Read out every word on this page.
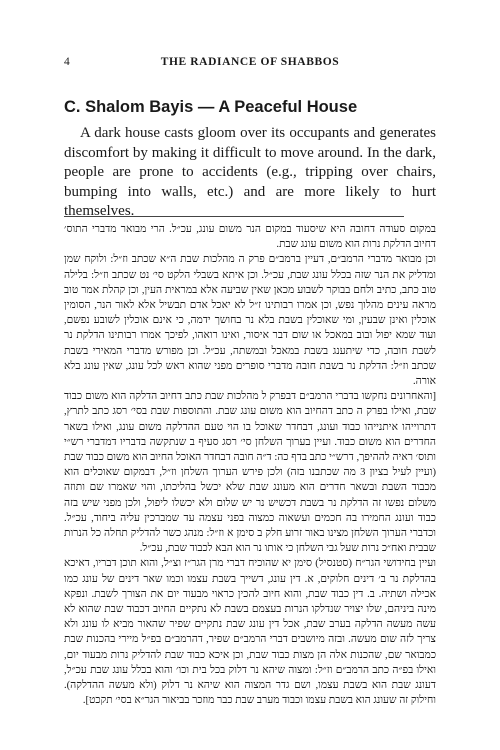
4	THE RADIANCE OF SHABBOS
C. Shalom Bayis — A Peaceful House
A dark house casts gloom over its occupants and generates discomfort by making it difficult to move around. In the dark, people are prone to accidents (e.g., tripping over chairs, bumping into walls, etc.) and are more likely to hurt themselves.

במקום סעודה דחובה היא שיסעוד במקום הנר משום עונג, עכ״ל. הרי מבואר מדברי התוס׳ דחיוב הדלקת נרות הוא משום עונג שבת.

וכן מבואר מדברי הרמב״ם, דעיין ברמב״ם פרק ה מהלכות שבת ה״א שכתב וז״ל: ולוקח שמן ומדליק את הנר שזה בכלל עונג שבת, עכ״ל. וכן איתא בשבלי הלקט סי׳ נט שכתב וז״ל: בלילה טוב כתב, כתיב ולחם בבוקר לשבוע מכאן שאין שביעה אלא במראית העין, וכן קהלת אמר טוב מראה עינים מהלוך נפש, וכן אמרו רבותינו ז״ל לא יאכל אדם תבשיל אלא לאור הנר, הסומין אוכלין ואינן שבעין, ומי שאוכלין בשבת בלא נר בחושך ידמה, כי אינם אוכלין לשובע נפשם, ועוד שמא יפול ובוב במאכל או שום דבר איסור, ואינו רואהו, לפיכך אמרו רבותינו הדלקת נר לשבת חובה, כדי שיתענג בשבת במאכל ובמשתה, עכ״ל. וכן מפורש מדברי המאירי בשבת שכתב וז״ל: הדלקת נר בשבת חובה מדברי סופרים מפני שהוא ראש לכל עונג, שאין עונג בלא אורה.

[והאחרונים נחקשו בדברי הרמב״ם דבפרק ל מהלכות שבת כתב דחיוב הדלקה הוא משום כבוד שבת, ואילו בפרק ה כתב דהחיוב הוא משום עונג שבת. והתוספות שבת בסי׳ רסג כתב לתרץ, דתרוייהו איתנייהו כבוד ועונג, דבחדר שאוכל בו הוי טעם ההדלקה משום עונג, ואילו בשאר החדרים הוא משום כבוד. ועיין בערוך השלחן סי׳ רסג סעיף ב שנתקשה בדבריו דמדברי רש״י ותוס׳ ראיה לההיפך, דרש״י כתב בדף כה: ד״ה חובה דבחדר האוכל החיוב הוא משום כבוד שבת (ועיין לעיל בציון 3 מה שכתבנו בזה) ולכן פירש הערוך השלחן וז״ל, דבמקום שאוכלים הוא מכבוד השבת ובשאר חדרים הוא מעונג שבת שלא יכשל בהליכתו, והוי שאמרו שם ותוזה משלום נפשו זה הדלקת נר בשבת דכשיש נר יש שלום ולא יכשלו ליפול, ולכן מפני שיש בזה כבוד ועונג החמירו בה חכמים ועשאוה כמצוה בפני עצמה עד שמברכין עליה ביחוד, עכ״ל. וכדברי הערוך השלחן מצינו באור זרוע חלק ב סימן א וז״ל: מנהג כשר להדליק תחלה כל הנרות שבבית ואח״כ נרות שעל גבי השלחן כי אותו נר הוא הבא לכבוד שבת, עכ״ל.

ועיין בחידושי הגר״ח (סטנסיל) סימן יא שהוכיח דברי מרן הגר״ז וצ״ל, והוא תוכן דבריו, דאיכא בהדלקת נר ב׳ דינים חלוקים, א. דין עונג, דשייך בשבת עצמו וכמו שאר דינים של עונג כמו אכילה ושתיה. ב. דין כבוד שבת, והוא חיוב להכין כראוי מבעוד יום את הצורך לשבת. ונפקא מינה ביניהם, שלו יצויר שנדלקו הנרות בעצמם בשבת לא נתקיים החיוב דכבוד שבת שהוא לא עשה מעשה הדלקה בערב שבת, אכל דין עונג שבת נתקיים שפיר שהאור מביא לו עונג ולא צריך לזה שום מעשה. ובזה מיושבים דברי הרמב״ם שפיר, דהרמב״ם בפ״ל מיירי בהכנות שבת כמבואר שם, שהכנות אלה הן מצות כבוד שבת, וכן איכא כבוד שבת להדליק נרות מבעוד יום, ואילו בפ״ה כתב הרמב״ם וז״ל: ומצוה שיהא נר דלוק בכל בית וכו׳ והוא בכלל עונג שבת עכ״ל, דעונג שבת הוא בשבת עצמו, ושם גדר המצוה הוא שיהא נר דלוק (ולא מעשה ההדלקה). וחילוק זה שעונג הוא בשבת עצמו וכבוד מערב שבת כבר מוזכר בביאור הגר״א בסי׳ תקכט].
